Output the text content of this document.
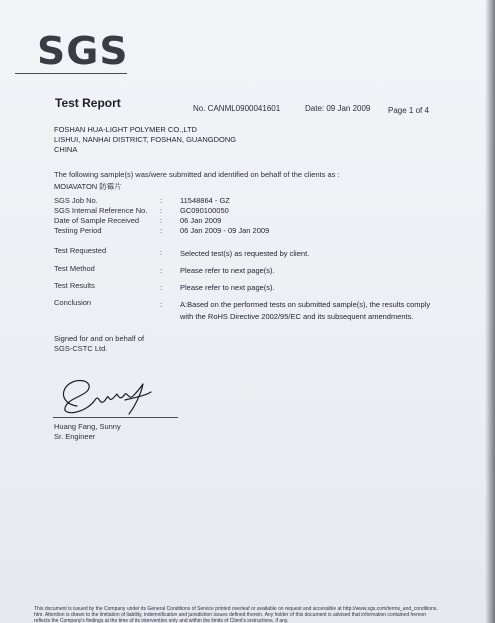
SGS
Test Report	No. CANML0900041601	Date: 09 Jan 2009 Page 1 of 4
FOSHAN HUA-LIGHT POLYMER CO.,LTD
LISHUI, NANHAI DISTRICT, FOSHAN, GUANGDONG
CHINA
The following sample(s) was/were submitted and identified on behalf of the clients as :
MOIAVATON 防霉片
SGS Job No.	: 11548864 - GZ
SGS Internal Reference No. : GC090100050
Date of Sample Received	: 06 Jan 2009
Testing Period	: 06 Jan 2009 - 09 Jan 2009
Test Requested	: Selected test(s) as requested by client.
Test Method	: Please refer to next page(s).
Test Results	: Please refer to next page(s).
Conclusion	: A:Based on the performed tests on submitted sample(s), the results comply
with the RoHS Directive 2002/95/EC and its subsequent amendments.
Signed for and on behalf of
SGS-CSTC Ltd.
Huang Fang, Sunny
Sr. Engineer
This document is issued by the Company under its General Conditions of Service printed overleaf or available on request and accessible at http://www.sgs.com/terms_and_conditions.
htm. Attention is drawn to the limitation of liability, indemnification and jurisdiction issues defined therein. Any holder of this document is advised that information contained hereon
reflects the Company's findings at the time of its intervention only and within the limits of Client's instructions, if any.
